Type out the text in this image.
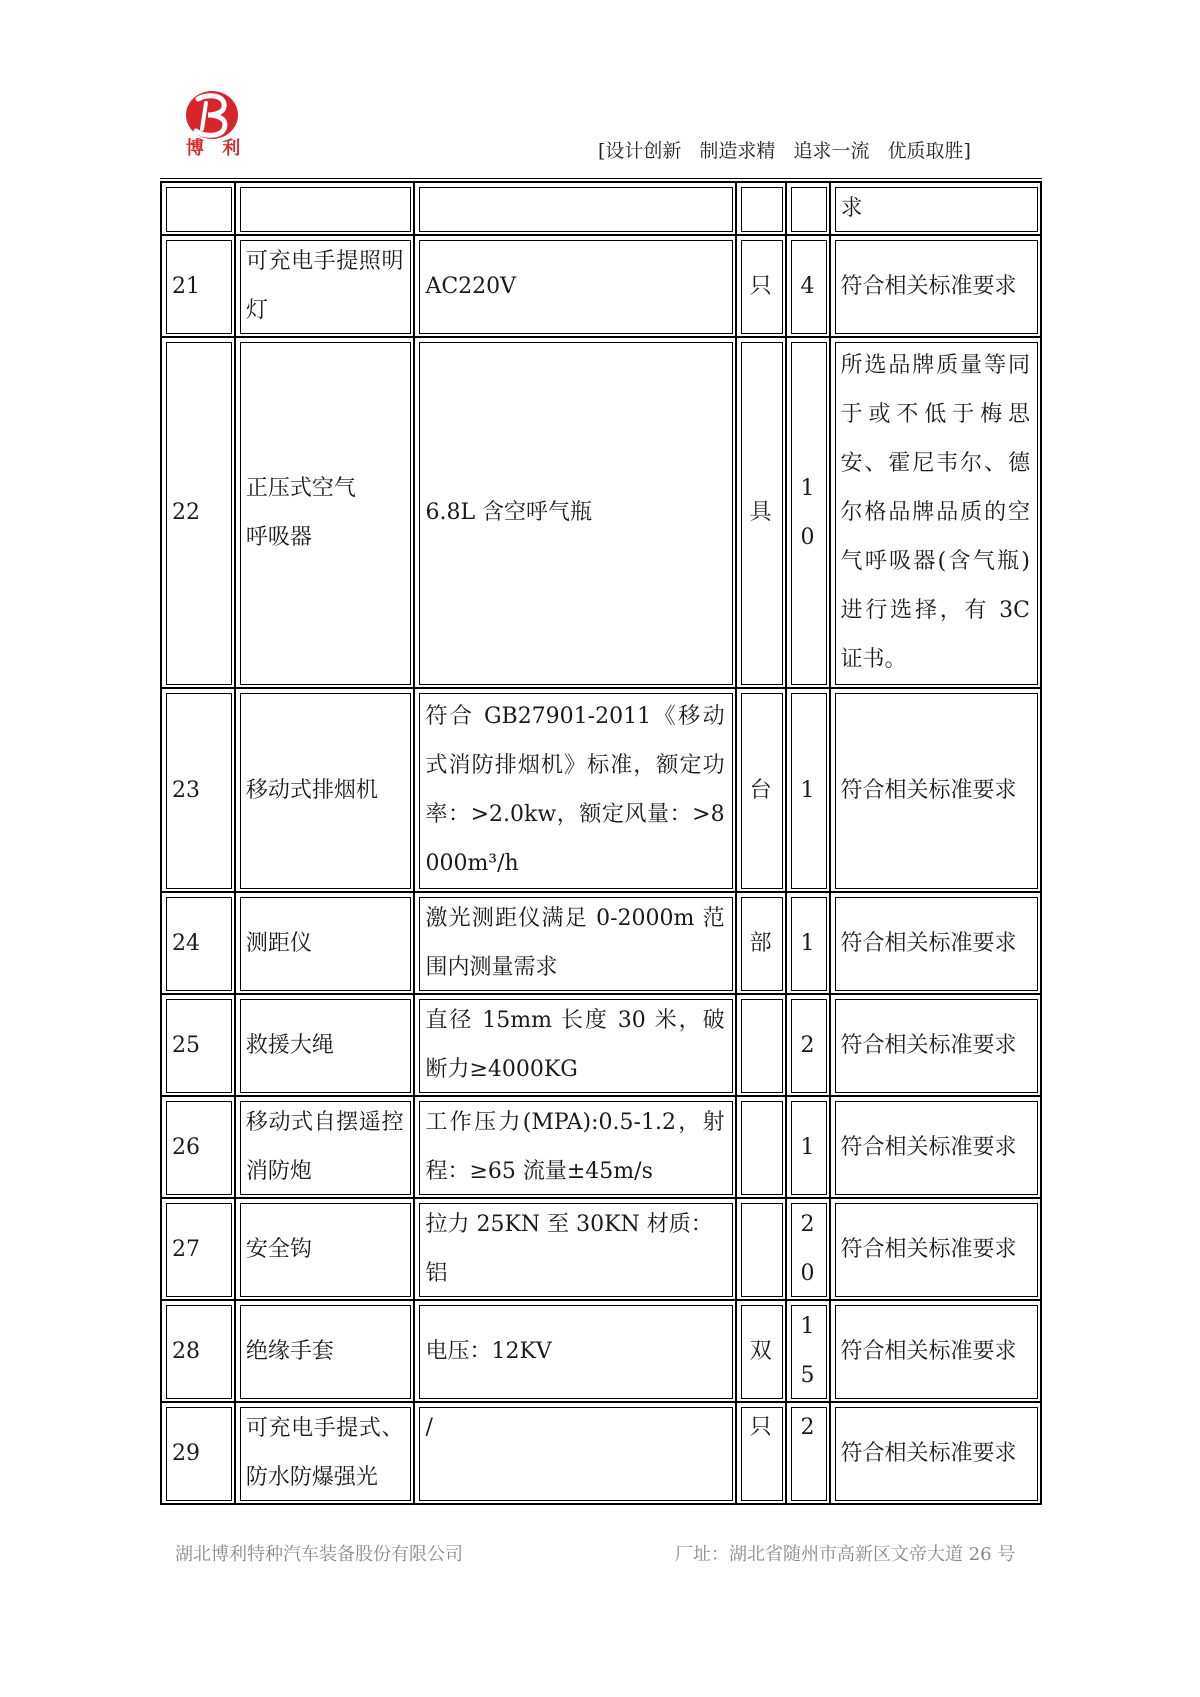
博 利	[设计创新 制造求精 追求一流 优质取胜]
					求
21	可充电手提照明灯	AC220V	只	4	符合相关标准要求
22	正压式空气呼吸器	6.8L 含空呼气瓶	具	10	所选品牌质量等同于或不低于梅思安、霍尼韦尔、德尔格品牌品质的空气呼吸器(含气瓶)进行选择，有 3C 证书。
23	移动式排烟机	符合 GB27901-2011《移动式消防排烟机》标准，额定功率：>2.0kw，额定风量：>8000m³/h	台	1	符合相关标准要求
24	测距仪	激光测距仪满足 0-2000m 范围内测量需求	部	1	符合相关标准要求
25	救援大绳	直径 15mm 长度 30 米，破断力≥4000KG		2	符合相关标准要求
26	移动式自摆遥控消防炮	工作压力(MPA):0.5-1.2，射程：≥65 流量±45m/s		1	符合相关标准要求
27	安全钩	拉力 25KN 至 30KN 材质：铝		20	符合相关标准要求
28	绝缘手套	电压：12KV	双	15	符合相关标准要求
29	可充电手提式、防水防爆强光	/	只	2	符合相关标准要求
湖北博利特种汽车装备股份有限公司	厂址：湖北省随州市高新区文帝大道 26 号
